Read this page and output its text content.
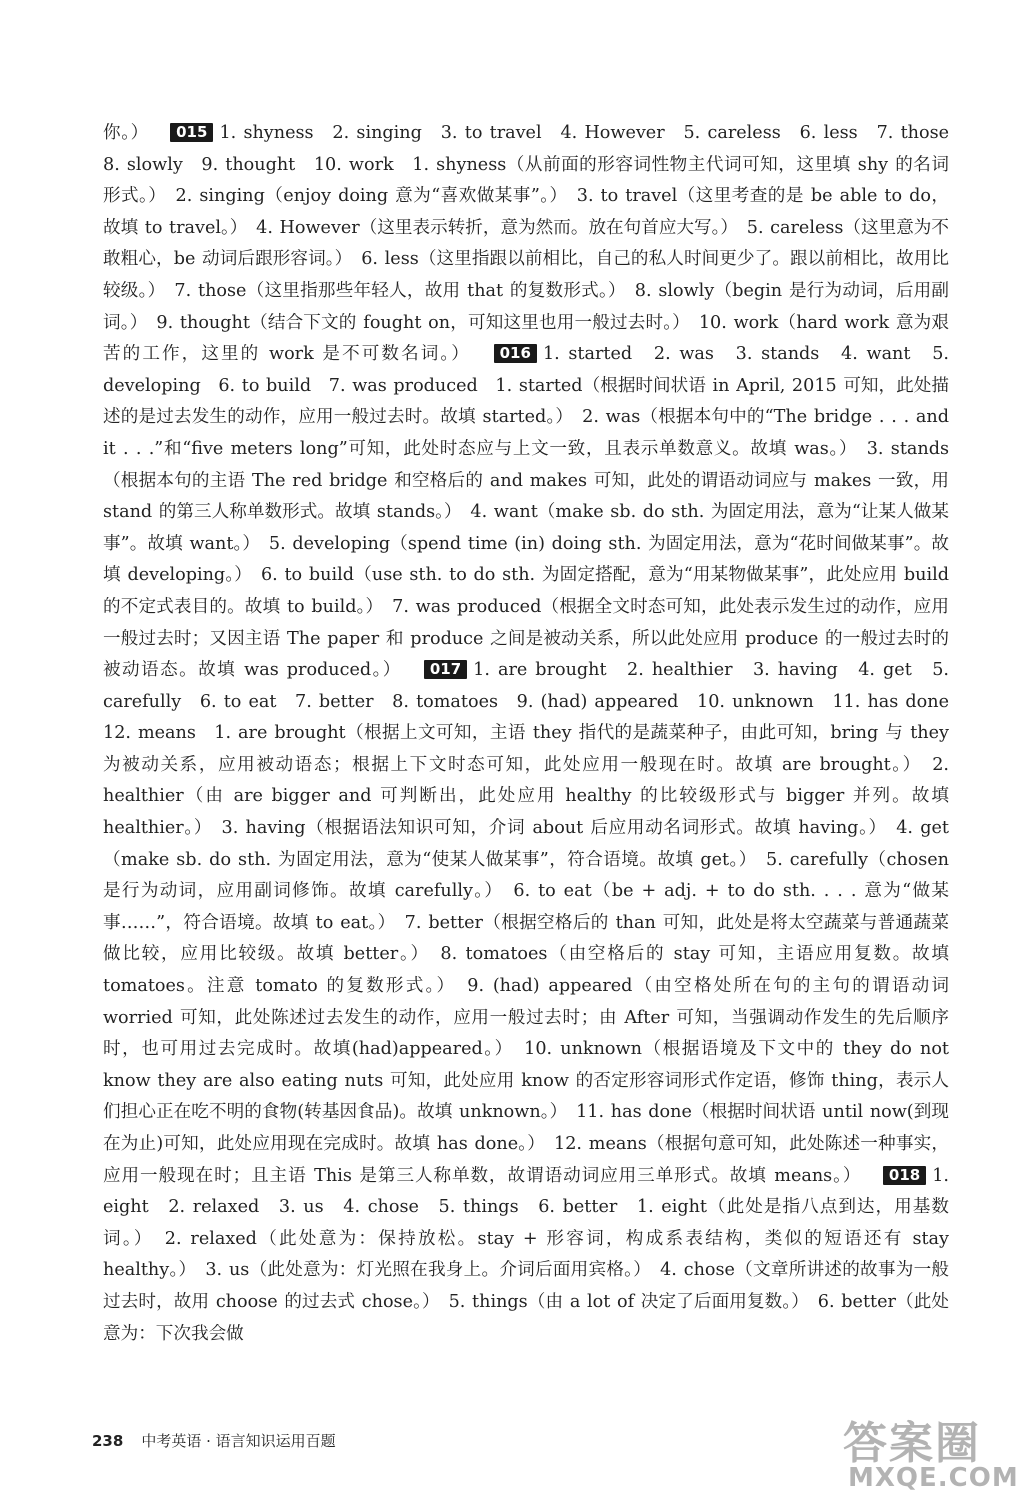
你。） 015 1. shyness　2. singing　3. to travel　4. However　5. careless　6. less　7. those　8. slowly　9. thought　10. work　1. shyness（从前面的形容词性物主代词可知，这里填 shy 的名词形式。）　2. singing（enjoy doing 意为“喜欢做某事”。）　3. to travel（这里考查的是 be able to do，故填 to travel。）　4. However（这里表示转折，意为然而。放在句首应大写。）　5. careless（这里意为不敢粗心，be 动词后跟形容词。）　6. less（这里指跟以前相比，自己的私人时间更少了。跟以前相比，故用比较级。）　7. those（这里指那些年轻人，故用 that 的复数形式。）　8. slowly（begin 是行为动词，后用副词。）　9. thought（结合下文的 fought on，可知这里也用一般过去时。）　10. work（hard work 意为艰苦的工作，这里的 work 是不可数名词。） 016 1. started　2. was　3. stands　4. want　5. developing　6. to build　7. was produced　1. started（根据时间状语 in April, 2015 可知，此处描述的是过去发生的动作，应用一般过去时。故填 started。）　2. was（根据本句中的“The bridge . . . and it . . .”和“five meters long”可知，此处时态应与上文一致，且表示单数意义。故填 was。）　3. stands（根据本句的主语 The red bridge 和空格后的 and makes 可知，此处的谓语动词应与 makes 一致，用 stand 的第三人称单数形式。故填 stands。）　4. want（make sb. do sth. 为固定用法，意为“让某人做某事”。故填 want。）　5. developing（spend time (in) doing sth. 为固定用法，意为“花时间做某事”。故填 developing。）　6. to build（use sth. to do sth. 为固定搭配，意为“用某物做某事”，此处应用 build 的不定式表目的。故填 to build。）　7. was produced（根据全文时态可知，此处表示发生过的动作，应用一般过去时；又因主语 The paper 和 produce 之间是被动关系，所以此处应用 produce 的一般过去时的被动语态。故填 was produced。） 017 1. are brought　2. healthier　3. having　4. get　5. carefully　6. to eat　7. better　8. tomatoes　9. (had) appeared　10. unknown　11. has done　12. means　1. are brought（根据上文可知，主语 they 指代的是蔬菜种子，由此可知，bring 与 they 为被动关系，应用被动语态；根据上下文时态可知，此处应用一般现在时。故填 are brought。）　2. healthier（由 are bigger and 可判断出，此处应用 healthy 的比较级形式与 bigger 并列。故填 healthier。）　3. having（根据语法知识可知，介词 about 后应用动名词形式。故填 having。）　4. get（make sb. do sth. 为固定用法，意为“使某人做某事”，符合语境。故填 get。）　5. carefully（chosen 是行为动词，应用副词修饰。故填 carefully。）　6. to eat（be + adj. + to do sth. . . . 意为“做某事……”，符合语境。故填 to eat。）　7. better（根据空格后的 than 可知，此处是将太空蔬菜与普通蔬菜做比较，应用比较级。故填 better。）　8. tomatoes（由空格后的 stay 可知，主语应用复数。故填 tomatoes。注意 tomato 的复数形式。）　9. (had) appeared（由空格处所在句的主句的谓语动词 worried 可知，此处陈述过去发生的动作，应用一般过去时；由 After 可知，当强调动作发生的先后顺序时，也可用过去完成时。故填(had)appeared。）　10. unknown（根据语境及下文中的 they do not know they are also eating nuts 可知，此处应用 know 的否定形容词形式作定语，修饰 thing，表示人们担心正在吃不明的食物(转基因食品)。故填 unknown。）　11. has done（根据时间状语 until now(到现在为止)可知，此处应用现在完成时。故填 has done。）　12. means（根据句意可知，此处陈述一种事实，应用一般现在时；且主语 This 是第三人称单数，故谓语动词应用三单形式。故填 means。） 018 1. eight　2. relaxed　3. us　4. chose　5. things　6. better　1. eight（此处是指八点到达，用基数词。）　2. relaxed（此处意为：保持放松。stay + 形容词，构成系表结构，类似的短语还有 stay healthy。）　3. us（此处意为：灯光照在我身上。介词后面用宾格。）　4. chose（文章所讲述的故事为一般过去时，故用 choose 的过去式 chose。）　5. things（由 a lot of 决定了后面用复数。）　6. better（此处意为：下次我会做
238 中考英语 · 语言知识运用百题	答案圈
MXQE.COM
